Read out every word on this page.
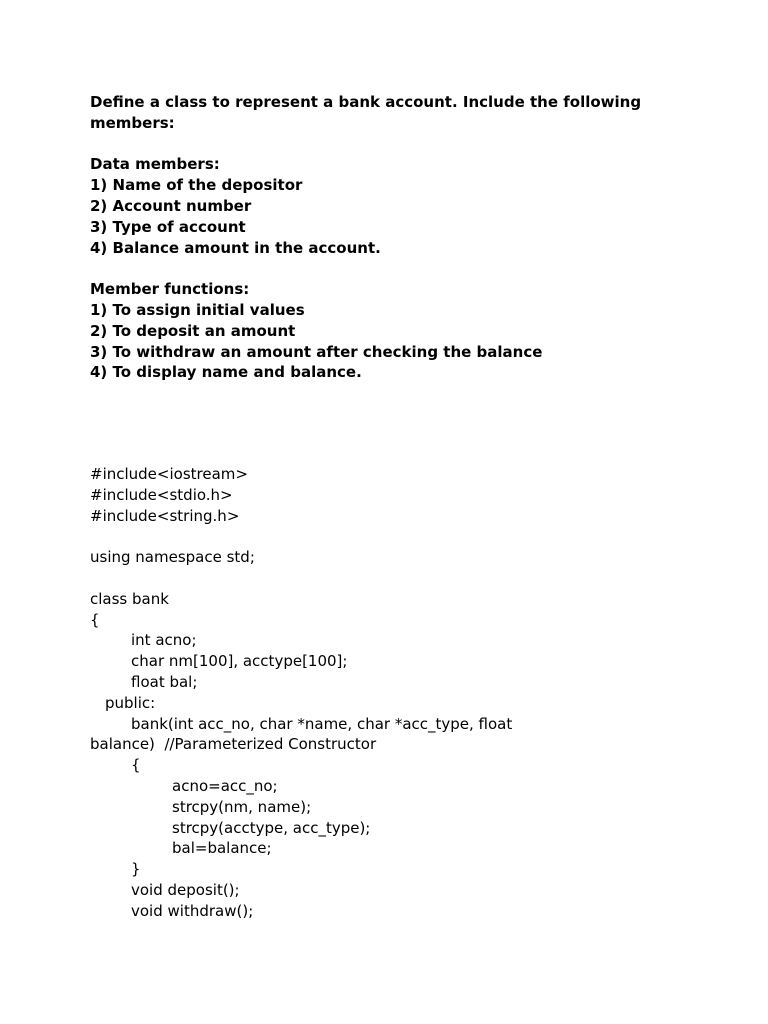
Define a class to represent a bank account. Include the following
members:
Data members:
1) Name of the depositor
2) Account number
3) Type of account
4) Balance amount in the account.
Member functions:
1) To assign initial values
2) To deposit an amount
3) To withdraw an amount after checking the balance
4) To display name and balance.
#include<iostream>
#include<stdio.h>
#include<string.h>
using namespace std;
class bank
{
int acno;
char nm[100], acctype[100];
float bal;
public:
bank(int acc_no, char *name, char *acc_type, float
balance)  //Parameterized Constructor
{
acno=acc_no;
strcpy(nm, name);
strcpy(acctype, acc_type);
bal=balance;
}
void deposit();
void withdraw();
